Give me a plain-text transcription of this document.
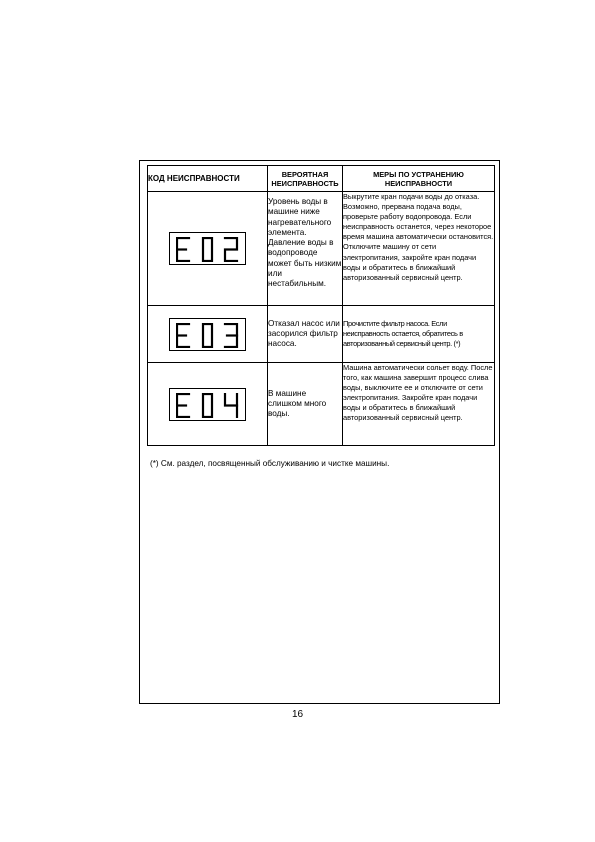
КОД НЕИСПРАВНОСТИ	ВЕРОЯТНАЯ НЕИСПРАВНОСТЬ	МЕРЫ ПО УСТРАНЕНИЮ НЕИСПРАВНОСТИ

	Уровень воды в машине ниже нагревательного элемента. Давление воды в водопроводе может быть низким или нестабильным.	Выкрутите кран подачи воды до отказа. Возможно, прервана подача воды, проверьте работу водопровода. Если неисправность останется, через некоторое время машина автоматически остановится. Отключите машину от сети электропитания, закройте кран подачи воды и обратитесь в ближайший авторизованный сервисный центр.

	Отказал насос или засорился фильтр насоса.	Прочистите фильтр насоса. Если неисправность остается, обратитесь в авторизованный сервисный центр. (*)

	В машине слишком много воды.	Машина автоматически сольет воду. После того, как машина завершит процесс слива воды, выключите ее и отключите от сети электропитания. Закройте кран подачи воды и обратитесь в ближайший авторизованный сервисный центр.
(*) См. раздел, посвященный обслуживанию и чистке машины.
16
